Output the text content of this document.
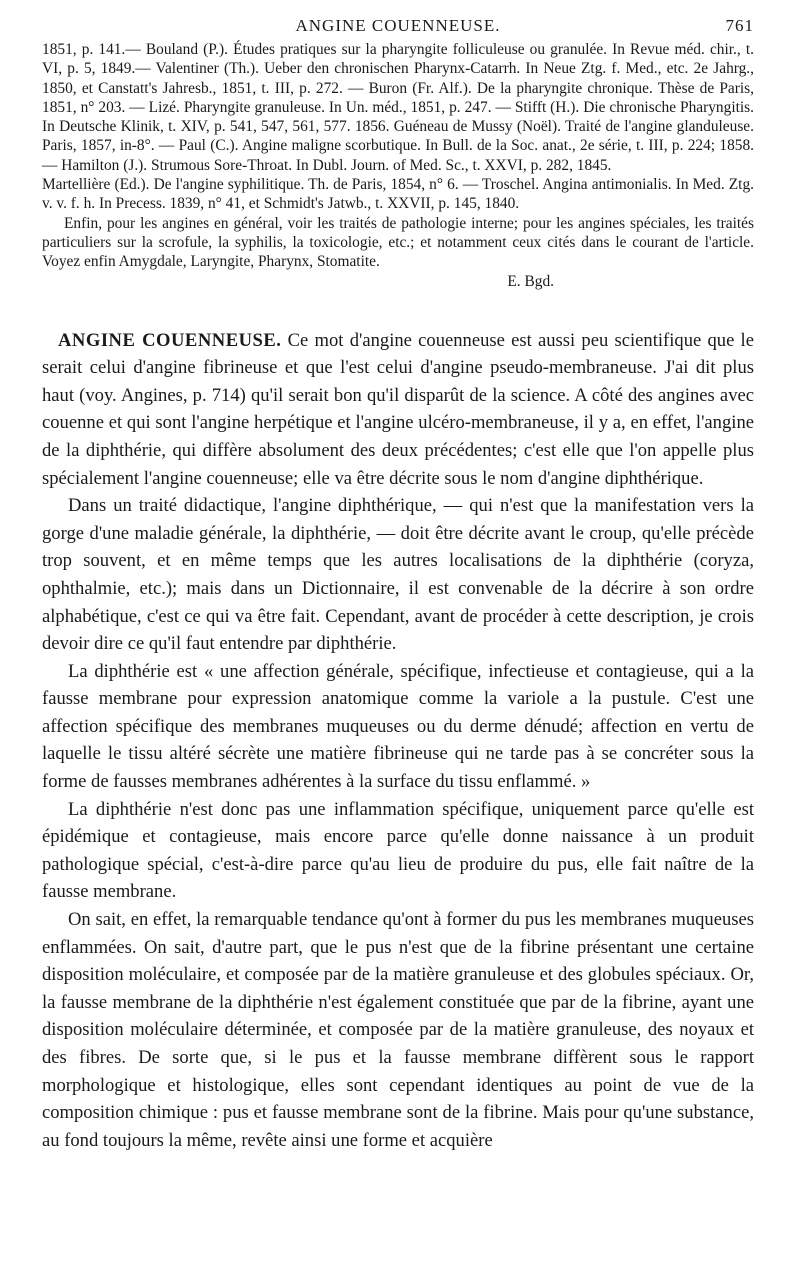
ANGINE COUENNEUSE.	761

1851, p. 141.— Bouland (P.). Études pratiques sur la pharyngite folliculeuse ou granulée. In Revue méd. chir., t. VI, p. 5, 1849.— Valentiner (Th.). Ueber den chronischen Pharynx-Catarrh. In Neue Ztg. f. Med., etc. 2e Jahrg., 1850, et Canstatt's Jahresb., 1851, t. III, p. 272. — Buron (Fr. Alf.). De la pharyngite chronique. Thèse de Paris, 1851, n° 203. — Lizé. Pharyngite granuleuse. In Un. méd., 1851, p. 247. — Stifft (H.). Die chronische Pharyngitis. In Deutsche Klinik, t. XIV, p. 541, 547, 561, 577. 1856. Guéneau de Mussy (Noël). Traité de l'angine glanduleuse. Paris, 1857, in-8°. — Paul (C.). Angine maligne scorbutique. In Bull. de la Soc. anat., 2e série, t. III, p. 224; 1858. — Hamilton (J.). Strumous Sore-Throat. In Dubl. Journ. of Med. Sc., t. XXVI, p. 282, 1845.

Martellière (Ed.). De l'angine syphilitique. Th. de Paris, 1854, n° 6. — Troschel. Angina antimonialis. In Med. Ztg. v. v. f. h. In Precess. 1839, n° 41, et Schmidt's Jatwb., t. XXVII, p. 145, 1840.

Enfin, pour les angines en général, voir les traités de pathologie interne; pour les angines spéciales, les traités particuliers sur la scrofule, la syphilis, la toxicologie, etc.; et notamment ceux cités dans le courant de l'article. Voyez enfin Amygdale, Laryngite, Pharynx, Stomatite.

E. Bgd.

ANGINE COUENNEUSE. Ce mot d'angine couenneuse est aussi peu scientifique que le serait celui d'angine fibrineuse et que l'est celui d'angine pseudo-membraneuse. J'ai dit plus haut (voy. Angines, p. 714) qu'il serait bon qu'il disparût de la science. A côté des angines avec couenne et qui sont l'angine herpétique et l'angine ulcéro-membraneuse, il y a, en effet, l'angine de la diphthérie, qui diffère absolument des deux précédentes; c'est elle que l'on appelle plus spécialement l'angine couenneuse; elle va être décrite sous le nom d'angine diphthérique.

Dans un traité didactique, l'angine diphthérique, — qui n'est que la manifestation vers la gorge d'une maladie générale, la diphthérie, — doit être décrite avant le croup, qu'elle précède trop souvent, et en même temps que les autres localisations de la diphthérie (coryza, ophthalmie, etc.); mais dans un Dictionnaire, il est convenable de la décrire à son ordre alphabétique, c'est ce qui va être fait. Cependant, avant de procéder à cette description, je crois devoir dire ce qu'il faut entendre par diphthérie.

La diphthérie est « une affection générale, spécifique, infectieuse et contagieuse, qui a la fausse membrane pour expression anatomique comme la variole a la pustule. C'est une affection spécifique des membranes muqueuses ou du derme dénudé; affection en vertu de laquelle le tissu altéré sécrète une matière fibrineuse qui ne tarde pas à se concréter sous la forme de fausses membranes adhérentes à la surface du tissu enflammé. »

La diphthérie n'est donc pas une inflammation spécifique, uniquement parce qu'elle est épidémique et contagieuse, mais encore parce qu'elle donne naissance à un produit pathologique spécial, c'est-à-dire parce qu'au lieu de produire du pus, elle fait naître de la fausse membrane.

On sait, en effet, la remarquable tendance qu'ont à former du pus les membranes muqueuses enflammées. On sait, d'autre part, que le pus n'est que de la fibrine présentant une certaine disposition moléculaire, et composée par de la matière granuleuse et des globules spéciaux. Or, la fausse membrane de la diphthérie n'est également constituée que par de la fibrine, ayant une disposition moléculaire déterminée, et composée par de la matière granuleuse, des noyaux et des fibres. De sorte que, si le pus et la fausse membrane diffèrent sous le rapport morphologique et histologique, elles sont cependant identiques au point de vue de la composition chimique : pus et fausse membrane sont de la fibrine. Mais pour qu'une substance, au fond toujours la même, revête ainsi une forme et acquière
